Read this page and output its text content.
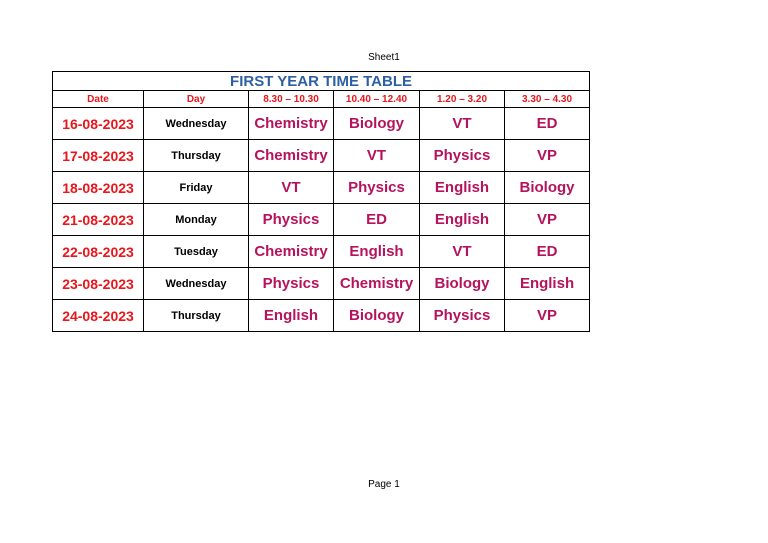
Sheet1
FIRST YEAR TIME TABLE					
Date	Day	8.30 – 10.30	10.40 – 12.40	1.20 – 3.20	3.30 – 4.30
16-08-2023	Wednesday	Chemistry	Biology	VT	ED
17-08-2023	Thursday	Chemistry	VT	Physics	VP
18-08-2023	Friday	VT	Physics	English	Biology
21-08-2023	Monday	Physics	ED	English	VP
22-08-2023	Tuesday	Chemistry	English	VT	ED
23-08-2023	Wednesday	Physics	Chemistry	Biology	English
24-08-2023	Thursday	English	Biology	Physics	VP
Page 1
